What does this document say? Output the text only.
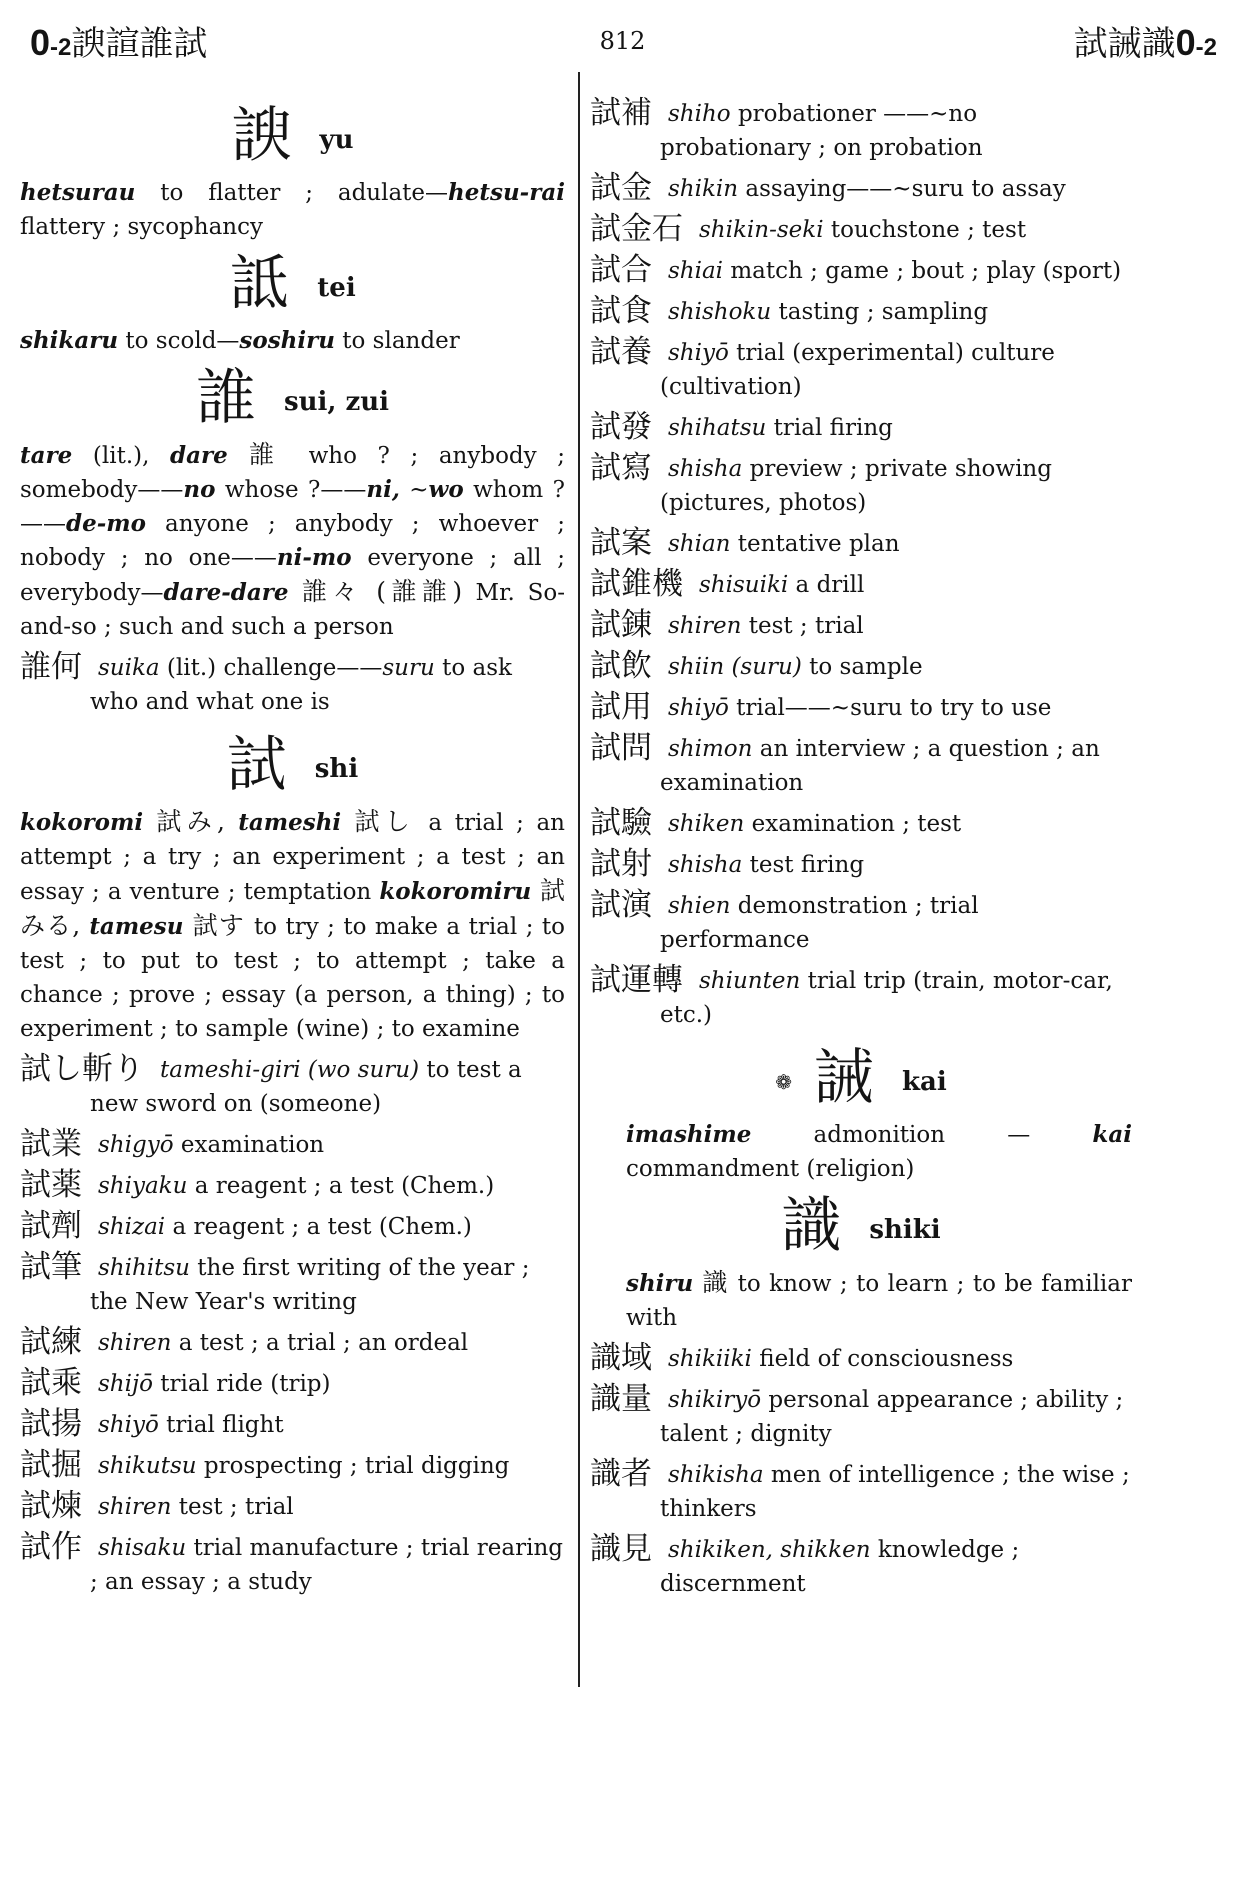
0-2諛諠誰試	812	試誡識0-2
諛 yu
hetsurau to flatter ; adulate—hetsu-rai flattery ; sycophancy
詆 tei
shikaru to scold—soshiru to slander
誰 sui, zui
tare (lit.), dare 誰 who ? ; anybody ; somebody——no whose ?——ni, ~wo whom ?——de-mo anyone ; anybody ; whoever ; nobody ; no one——ni-mo everyone ; all ; everybody—dare-dare 誰々 (誰誰) Mr. So-and-so ; such and such a person
誰何 suika (lit.) challenge——suru to ask who and what one is
試 shi
kokoromi 試み, tameshi 試し a trial ; an attempt ; a try ; an experiment ; a test ; an essay ; a venture ; temptation kokoromiru 試みる, tamesu 試す to try ; to make a trial ; to test ; to put to test ; to attempt ; take a chance ; prove ; essay (a person, a thing) ; to experiment ; to sample (wine) ; to examine
試し斬り tameshi-giri (wo suru) to test a new sword on (someone)
試業 shigyō examination
試薬 shiyaku a reagent ; a test (Chem.)
試劑 shizai a reagent ; a test (Chem.)
試筆 shihitsu the first writing of the year ; the New Year's writing
試練 shiren a test ; a trial ; an ordeal
試乘 shijō trial ride (trip)
試揚 shiyō trial flight
試掘 shikutsu prospecting ; trial digging
試煉 shiren test ; trial
試作 shisaku trial manufacture ; trial rearing ; an essay ; a study
試補 shiho probationer ——~no probationary ; on probation
試金 shikin assaying——~suru to assay
試金石 shikin-seki touchstone ; test
試合 shiai match ; game ; bout ; play (sport)
試食 shishoku tasting ; sampling
試養 shiyō trial (experimental) culture (cultivation)
試發 shihatsu trial firing
試寫 shisha preview ; private showing (pictures, photos)
試案 shian tentative plan
試錐機 shisuiki a drill
試錬 shiren test ; trial
試飲 shiin (suru) to sample
試用 shiyō trial——~suru to try to use
試問 shimon an interview ; a question ; an examination
試驗 shiken examination ; test
試射 shisha test firing
試演 shien demonstration ; trial performance
試運轉 shiunten trial trip (train, motor-car, etc.)
❁ 誡 kai
imashime admonition — kai commandment (religion)
識 shiki
shiru 識 to know ; to learn ; to be familiar with
識域 shikiiki field of consciousness
識量 shikiryō personal appearance ; ability ; talent ; dignity
識者 shikisha men of intelligence ; the wise ; thinkers
識見 shikiken, shikken knowledge ; discernment
